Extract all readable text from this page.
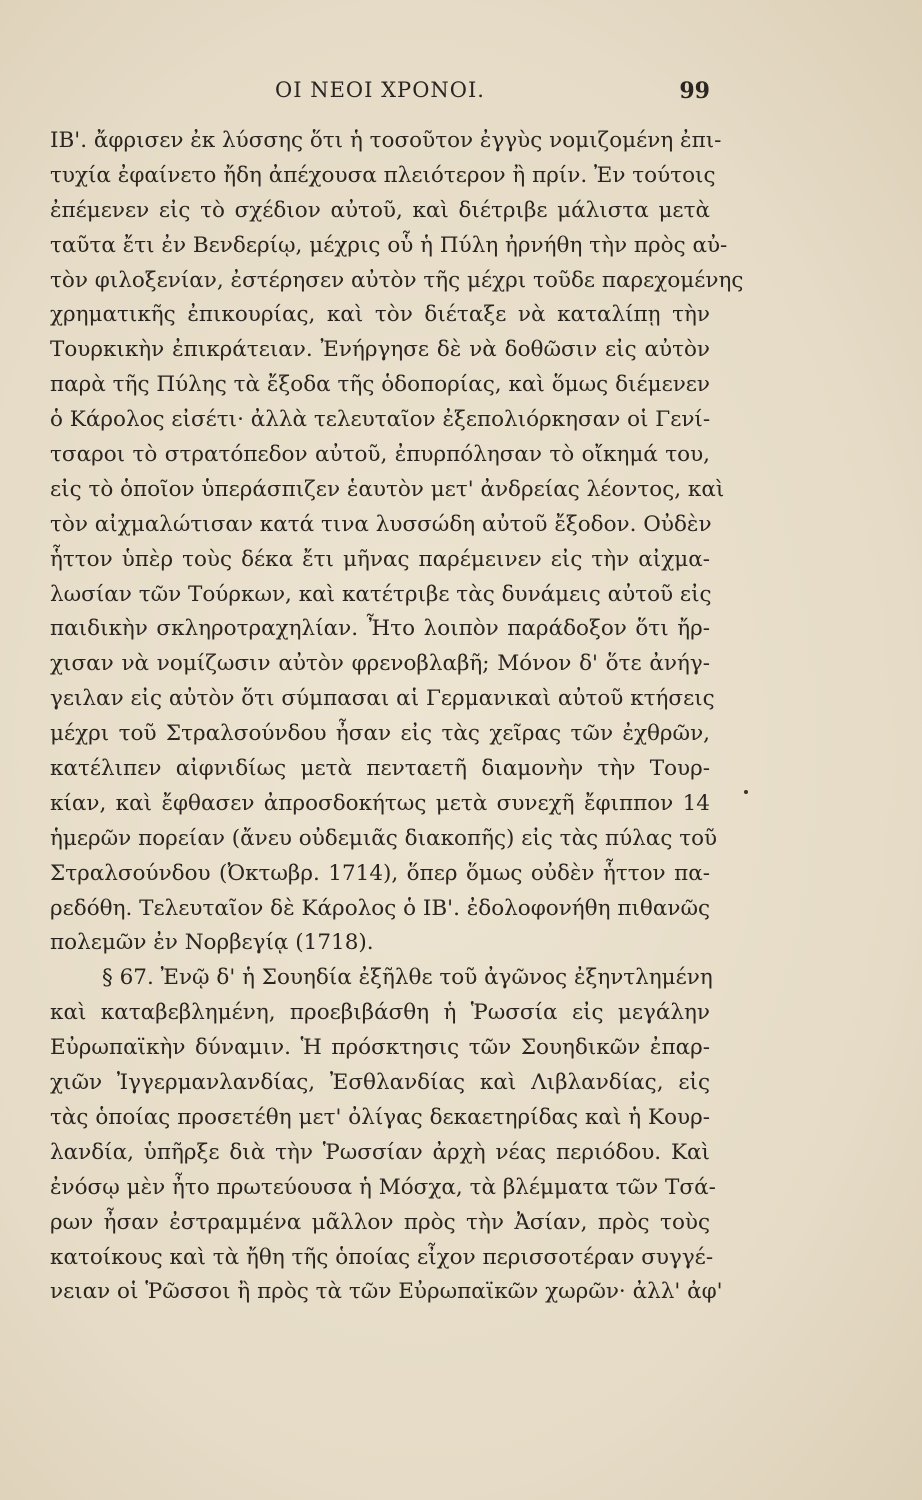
ΟΙ ΝΕΟΙ ΧΡΟΝΟΙ.	99
ΙΒ'. ἄφρισεν ἐκ λύσσης ὅτι ἡ τοσοῦτον ἐγγὺς νομιζομένη ἐπι-
τυχία ἐφαίνετο ἤδη ἀπέχουσα πλειότερον ἢ πρίν. Ἐν τούτοις
ἐπέμενεν εἰς τὸ σχέδιον αὐτοῦ, καὶ διέτριβε μάλιστα μετὰ
ταῦτα ἔτι ἐν Βενδερίῳ, μέχρις οὗ ἡ Πύλη ἠρνήθη τὴν πρὸς αὐ-
τὸν φιλοξενίαν, ἐστέρησεν αὐτὸν τῆς μέχρι τοῦδε παρεχομένης
χρηματικῆς ἐπικουρίας, καὶ τὸν διέταξε νὰ καταλίπῃ τὴν
Τουρκικὴν ἐπικράτειαν. Ἐνήργησε δὲ νὰ δοθῶσιν εἰς αὐτὸν
παρὰ τῆς Πύλης τὰ ἔξοδα τῆς ὁδοπορίας, καὶ ὅμως διέμενεν
ὁ Κάρολος εἰσέτι· ἀλλὰ τελευταῖον ἐξεπολιόρκησαν οἱ Γενί-
τσαροι τὸ στρατόπεδον αὐτοῦ, ἐπυρπόλησαν τὸ οἴκημά του,
εἰς τὸ ὁποῖον ὑπεράσπιζεν ἑαυτὸν μετ' ἀνδρείας λέοντος, καὶ
τὸν αἰχμαλώτισαν κατά τινα λυσσώδη αὐτοῦ ἔξοδον. Οὐδὲν
ἧττον ὑπὲρ τοὺς δέκα ἔτι μῆνας παρέμεινεν εἰς τὴν αἰχμα-
λωσίαν τῶν Τούρκων, καὶ κατέτριβε τὰς δυνάμεις αὐτοῦ εἰς
παιδικὴν σκληροτραχηλίαν. Ἦτο λοιπὸν παράδοξον ὅτι ἤρ-
χισαν νὰ νομίζωσιν αὐτὸν φρενοβλαβῆ; Μόνον δ' ὅτε ἀνήγ-
γειλαν εἰς αὐτὸν ὅτι σύμπασαι αἱ Γερμανικαὶ αὐτοῦ κτήσεις
μέχρι τοῦ Στραλσούνδου ἦσαν εἰς τὰς χεῖρας τῶν ἐχθρῶν,
κατέλιπεν αἰφνιδίως μετὰ πενταετῆ διαμονὴν τὴν Τουρ-
κίαν, καὶ ἔφθασεν ἀπροσδοκήτως μετὰ συνεχῆ ἔφιππον 14
ἡμερῶν πορείαν (ἄνευ οὐδεμιᾶς διακοπῆς) εἰς τὰς πύλας τοῦ
Στραλσούνδου (Ὀκτωβρ. 1714), ὅπερ ὅμως οὐδὲν ἧττον πα-
ρεδόθη. Τελευταῖον δὲ Κάρολος ὁ ΙΒ'. ἐδολοφονήθη πιθανῶς
πολεμῶν ἐν Νορβεγίᾳ (1718).
§ 67. Ἐνῷ δ' ἡ Σουηδία ἐξῆλθε τοῦ ἀγῶνος ἐξηντλημένη
καὶ καταβεβλημένη, προεβιβάσθη ἡ Ῥωσσία εἰς μεγάλην
Εὐρωπαϊκὴν δύναμιν. Ἡ πρόσκτησις τῶν Σουηδικῶν ἐπαρ-
χιῶν Ἰγγερμανλανδίας, Ἐσθλανδίας καὶ Λιβλανδίας, εἰς
τὰς ὁποίας προσετέθη μετ' ὀλίγας δεκαετηρίδας καὶ ἡ Κουρ-
λανδία, ὑπῆρξε διὰ τὴν Ῥωσσίαν ἀρχὴ νέας περιόδου. Καὶ
ἐνόσῳ μὲν ἦτο πρωτεύουσα ἡ Μόσχα, τὰ βλέμματα τῶν Τσά-
ρων ἦσαν ἐστραμμένα μᾶλλον πρὸς τὴν Ἀσίαν, πρὸς τοὺς
κατοίκους καὶ τὰ ἤθη τῆς ὁποίας εἶχον περισσοτέραν συγγέ-
νειαν οἱ Ῥῶσσοι ἢ πρὸς τὰ τῶν Εὐρωπαϊκῶν χωρῶν· ἀλλ' ἀφ'
